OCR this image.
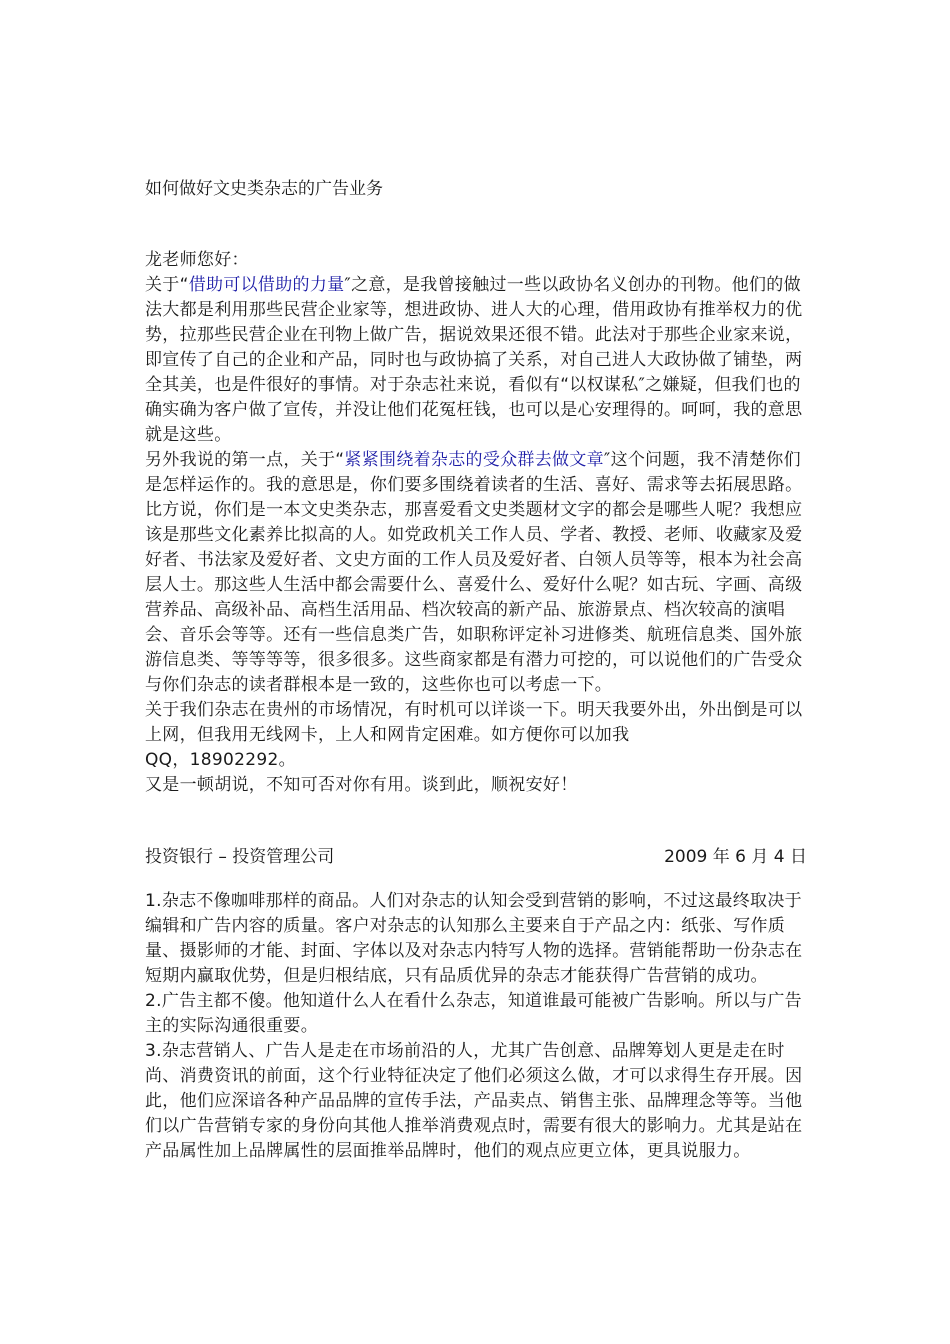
如何做好文史类杂志的广告业务

龙老师您好：

关于“借助可以借助的力量″之意，是我曾接触过一些以政协名义创办的刊物。他们的做法大都是利用那些民营企业家等，想进政协、进人大的心理，借用政协有推举权力的优势，拉那些民营企业在刊物上做广告，据说效果还很不错。此法对于那些企业家来说，即宣传了自己的企业和产品，同时也与政协搞了关系，对自己进人大政协做了铺垫，两全其美，也是件很好的事情。对于杂志社来说，看似有“以权谋私″之嫌疑，但我们也的确实确为客户做了宣传，并没让他们花冤枉钱，也可以是心安理得的。呵呵，我的意思就是这些。

另外我说的第一点，关于“紧紧围绕着杂志的受众群去做文章″这个问题，我不清楚你们是怎样运作的。我的意思是，你们要多围绕着读者的生活、喜好、需求等去拓展思路。比方说，你们是一本文史类杂志，那喜爱看文史类题材文字的都会是哪些人呢？我想应该是那些文化素养比拟高的人。如党政机关工作人员、学者、教授、老师、收藏家及爱好者、书法家及爱好者、文史方面的工作人员及爱好者、白领人员等等，根本为社会高层人士。那这些人生活中都会需要什么、喜爱什么、爱好什么呢？如古玩、字画、高级营养品、高级补品、高档生活用品、档次较高的新产品、旅游景点、档次较高的演唱会、音乐会等等。还有一些信息类广告，如职称评定补习进修类、航班信息类、国外旅游信息类、等等等等，很多很多。这些商家都是有潜力可挖的，可以说他们的广告受众与你们杂志的读者群根本是一致的，这些你也可以考虑一下。

关于我们杂志在贵州的市场情况，有时机可以详谈一下。明天我要外出，外出倒是可以上网，但我用无线网卡，上人和网肯定困难。如方便你可以加我

QQ，18902292。

又是一顿胡说，不知可否对你有用。谈到此，顺祝安好！

投资银行 – 投资管理公司	2009 年 6 月 4 日

1.杂志不像咖啡那样的商品。人们对杂志的认知会受到营销的影响，不过这最终取决于编辑和广告内容的质量。客户对杂志的认知那么主要来自于产品之内：纸张、写作质量、摄影师的才能、封面、字体以及对杂志内特写人物的选择。营销能帮助一份杂志在短期内赢取优势，但是归根结底，只有品质优异的杂志才能获得广告营销的成功。

2.广告主都不傻。他知道什么人在看什么杂志，知道谁最可能被广告影响。所以与广告主的实际沟通很重要。

3.杂志营销人、广告人是走在市场前沿的人，尤其广告创意、品牌筹划人更是走在时尚、消费资讯的前面，这个行业特征决定了他们必须这么做，才可以求得生存开展。因此，他们应深谙各种产品品牌的宣传手法，产品卖点、销售主张、品牌理念等等。当他们以广告营销专家的身份向其他人推举消费观点时，需要有很大的影响力。尤其是站在产品属性加上品牌属性的层面推举品牌时，他们的观点应更立体，更具说服力。
